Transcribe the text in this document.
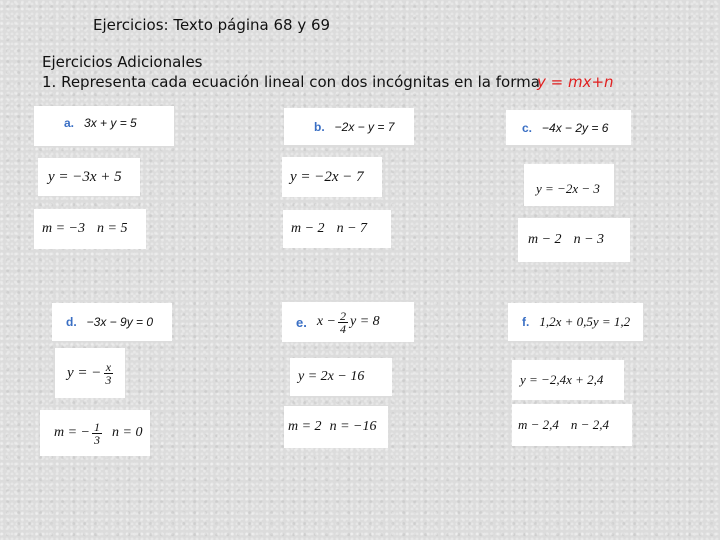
Ejercicios: Texto página 68 y 69
Ejercicios Adicionales
1. Representa cada ecuación lineal con dos incógnitas en la forma
y = mx+n
a. 3x + y = 5
y = −3x + 5
m = −3 n = 5
b. −2x − y = 7
y = −2x − 7
m − 2 n − 7
c. −4x − 2y = 6
y = −2x − 3
m − 2 n − 3
d. −3x − 9y = 0
y = − $\frac{x}{3}$
m = − $\frac{1}{3}$ n = 0
e. $x - \frac{2}{4}$ y = 8
y = 2x − 16
m = 2 n = −16
f. 1,2x + 0,5y = 1,2
y = −2,4x + 2,4
m − 2,4 n − 2,4
